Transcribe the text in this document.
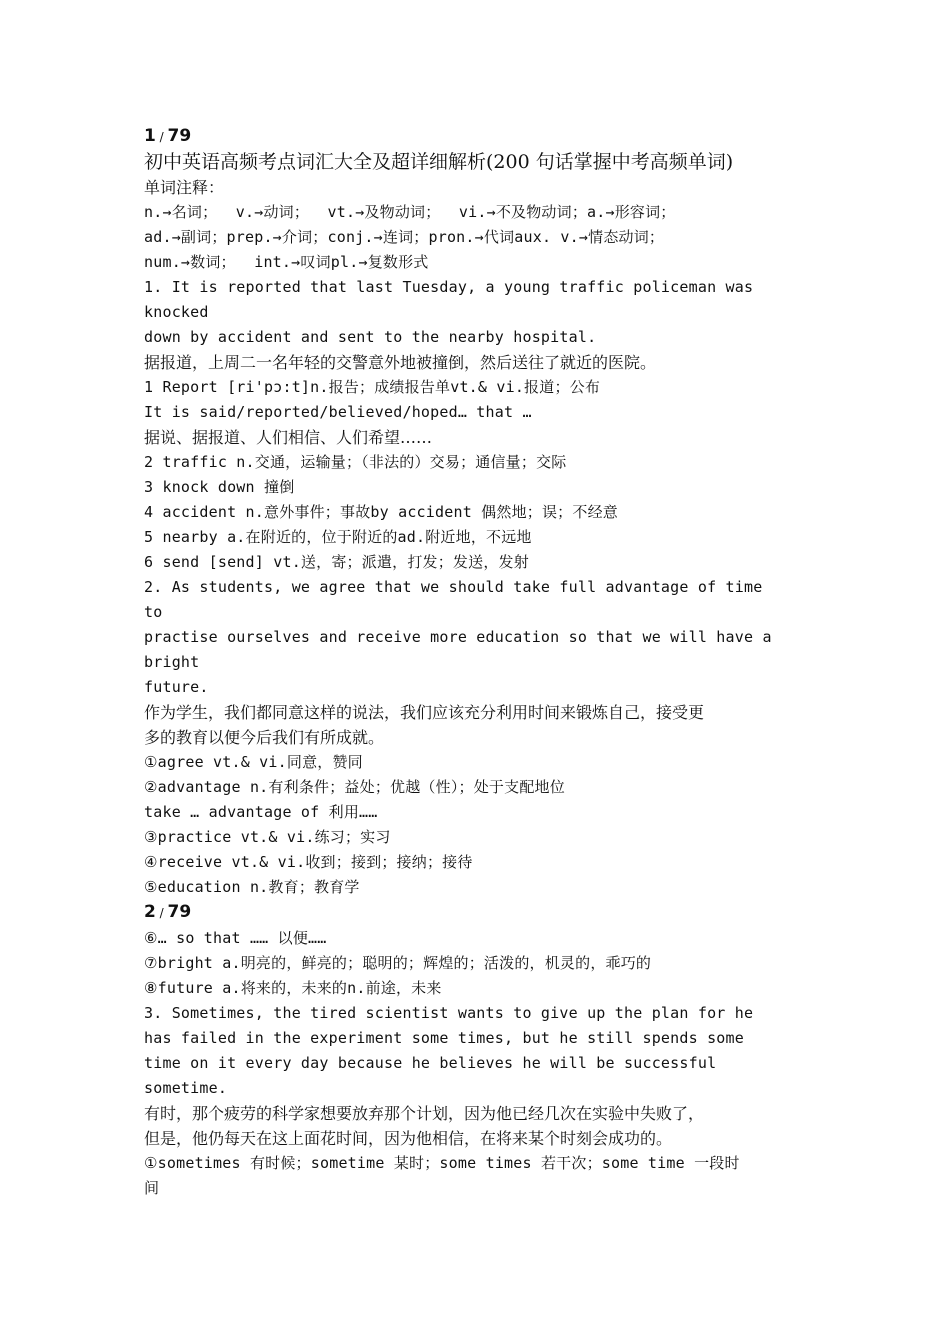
1 / 79
初中英语高频考点词汇大全及超详细解析(200 句话掌握中考高频单词)
单词注释：
n.→名词；  v.→动词；  vt.→及物动词；  vi.→不及物动词；a.→形容词；
ad.→副词；prep.→介词；conj.→连词；pron.→代词aux. v.→情态动词；
num.→数词；  int.→叹词pl.→复数形式
1. It is reported that last Tuesday, a young traffic policeman was
knocked
down by accident and sent to the nearby hospital.
据报道，上周二一名年轻的交警意外地被撞倒，然后送往了就近的医院。
1 Report [ri'pɔ:t]n.报告；成绩报告单vt.& vi.报道；公布
It is said/reported/believed/hoped… that …
据说、据报道、人们相信、人们希望……
2 traffic n.交通，运输量；（非法的）交易；通信量；交际
3 knock down 撞倒
4 accident n.意外事件；事故by accident 偶然地；误；不经意
5 nearby a.在附近的，位于附近的ad.附近地，不远地
6 send [send] vt.送，寄；派遣，打发；发送，发射
2. As students, we agree that we should take full advantage of time
to
practise ourselves and receive more education so that we will have a
bright
future.
作为学生，我们都同意这样的说法，我们应该充分利用时间来锻炼自己，接受更
多的教育以便今后我们有所成就。
①agree vt.& vi.同意，赞同
②advantage n.有利条件；益处；优越（性）；处于支配地位
take … advantage of 利用……
③practice vt.& vi.练习；实习
④receive vt.& vi.收到；接到；接纳；接待
⑤education n.教育；教育学
2 / 79
⑥… so that …… 以便……
⑦bright a.明亮的，鲜亮的；聪明的；辉煌的；活泼的，机灵的，乖巧的
⑧future a.将来的，未来的n.前途，未来
3. Sometimes, the tired scientist wants to give up the plan for he
has failed in the experiment some times, but he still spends some
time on it every day because he believes he will be successful
sometime.
有时，那个疲劳的科学家想要放弃那个计划，因为他已经几次在实验中失败了，
但是，他仍每天在这上面花时间，因为他相信，在将来某个时刻会成功的。
①sometimes 有时候；sometime 某时；some times 若干次；some time 一段时
间
